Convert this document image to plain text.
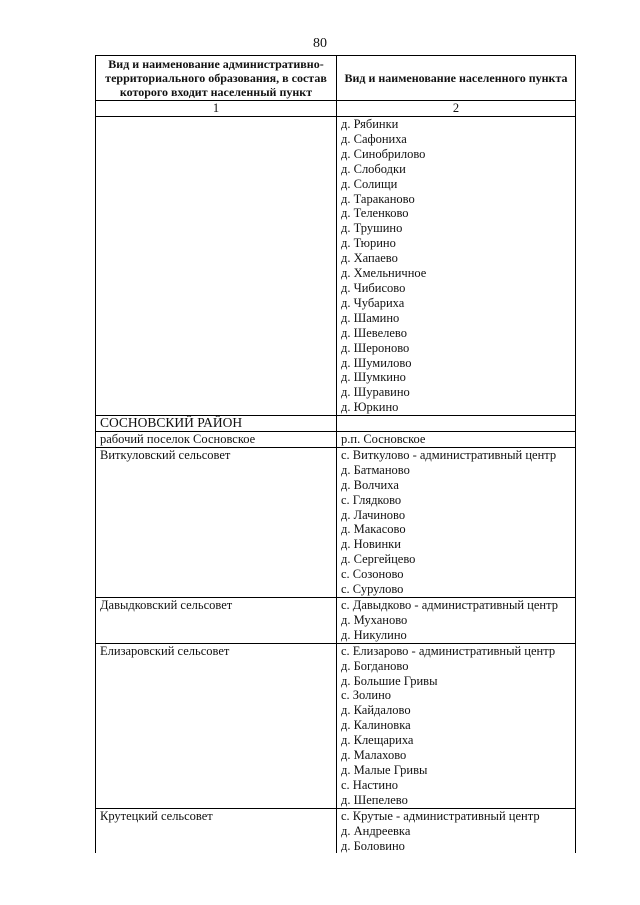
80
Вид и наименование административно-территориального образования, в состав которого входит населенный пункт	Вид и наименование населенного пункта
1	2
	д. Рябинки
	д. Сафониха
	д. Синобрилово
	д. Слободки
	д. Солищи
	д. Тараканово
	д. Теленково
	д. Трушино
	д. Тюрино
	д. Хапаево
	д. Хмельничное
	д. Чибисово
	д. Чубариха
	д. Шамино
	д. Шевелево
	д. Шероново
	д. Шумилово
	д. Шумкино
	д. Шуравино
	д. Юркино
СОСНОВСКИЙ РАЙОН	
рабочий поселок Сосновское	р.п. Сосновское
Виткуловский сельсовет	с. Виткулово - административный центр
	д. Батманово
	д. Волчиха
	с. Глядково
	д. Лачиново
	д. Макасово
	д. Новинки
	д. Сергейцево
	с. Созоново
	с. Сурулово
Давыдковский сельсовет	с. Давыдково - административный центр
	д. Муханово
	д. Никулино
Елизаровский сельсовет	с. Елизарово - административный центр
	д. Богданово
	д. Большие Гривы
	с. Золино
	д. Кайдалово
	д. Калиновка
	д. Клещариха
	д. Малахово
	д. Малые Гривы
	с. Настино
	д. Шепелево
Крутецкий сельсовет	с. Крутые - административный центр
	д. Андреевка
	д. Боловино
